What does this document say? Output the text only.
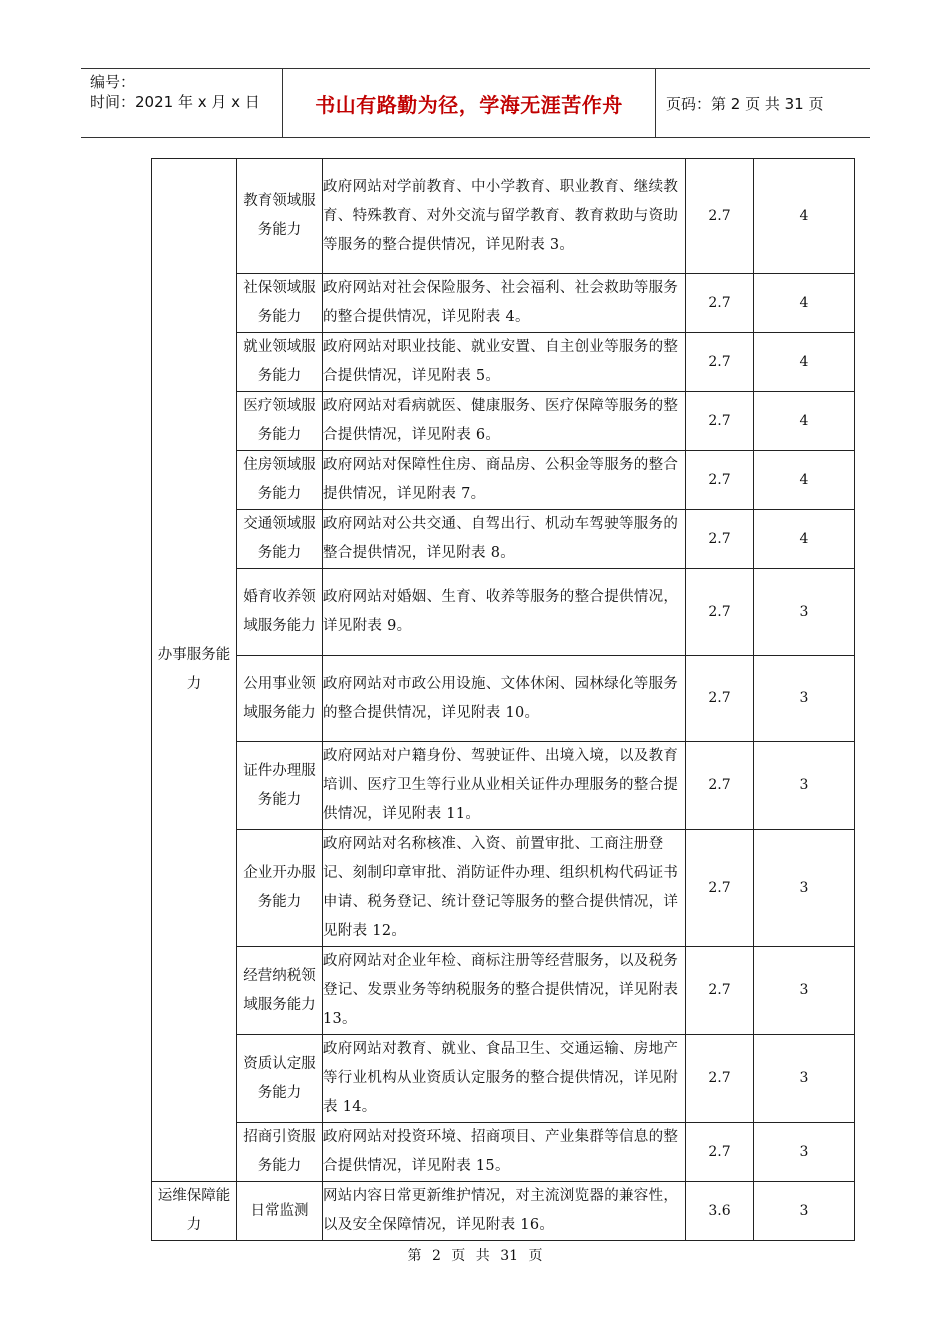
编号：
时间：2021 年 x 月 x 日	书山有路勤为径，学海无涯苦作舟	页码：第 2 页 共 31 页
办事服务能力	教育领域服务能力	政府网站对学前教育、中小学教育、职业教育、继续教育、特殊教育、对外交流与留学教育、教育救助与资助等服务的整合提供情况，详见附表 3。	2.7	4
	社保领域服务能力	政府网站对社会保险服务、社会福利、社会救助等服务的整合提供情况，详见附表 4。	2.7	4
	就业领域服务能力	政府网站对职业技能、就业安置、自主创业等服务的整合提供情况，详见附表 5。	2.7	4
	医疗领域服务能力	政府网站对看病就医、健康服务、医疗保障等服务的整合提供情况，详见附表 6。	2.7	4
	住房领域服务能力	政府网站对保障性住房、商品房、公积金等服务的整合提供情况，详见附表 7。	2.7	4
	交通领域服务能力	政府网站对公共交通、自驾出行、机动车驾驶等服务的整合提供情况，详见附表 8。	2.7	4
	婚育收养领域服务能力	政府网站对婚姻、生育、收养等服务的整合提供情况，详见附表 9。	2.7	3
	公用事业领域服务能力	政府网站对市政公用设施、文体休闲、园林绿化等服务的整合提供情况，详见附表 10。	2.7	3
	证件办理服务能力	政府网站对户籍身份、驾驶证件、出境入境，以及教育培训、医疗卫生等行业从业相关证件办理服务的整合提供情况，详见附表 11。	2.7	3
	企业开办服务能力	政府网站对名称核准、入资、前置审批、工商注册登记、刻制印章审批、消防证件办理、组织机构代码证书申请、税务登记、统计登记等服务的整合提供情况，详见附表 12。	2.7	3
	经营纳税领域服务能力	政府网站对企业年检、商标注册等经营服务，以及税务登记、发票业务等纳税服务的整合提供情况，详见附表 13。	2.7	3
	资质认定服务能力	政府网站对教育、就业、食品卫生、交通运输、房地产等行业机构从业资质认定服务的整合提供情况，详见附表 14。	2.7	3
	招商引资服务能力	政府网站对投资环境、招商项目、产业集群等信息的整合提供情况，详见附表 15。	2.7	3
运维保障能力	日常监测	网站内容日常更新维护情况，对主流浏览器的兼容性，以及安全保障情况，详见附表 16。	3.6	3
第 2 页 共 31 页
